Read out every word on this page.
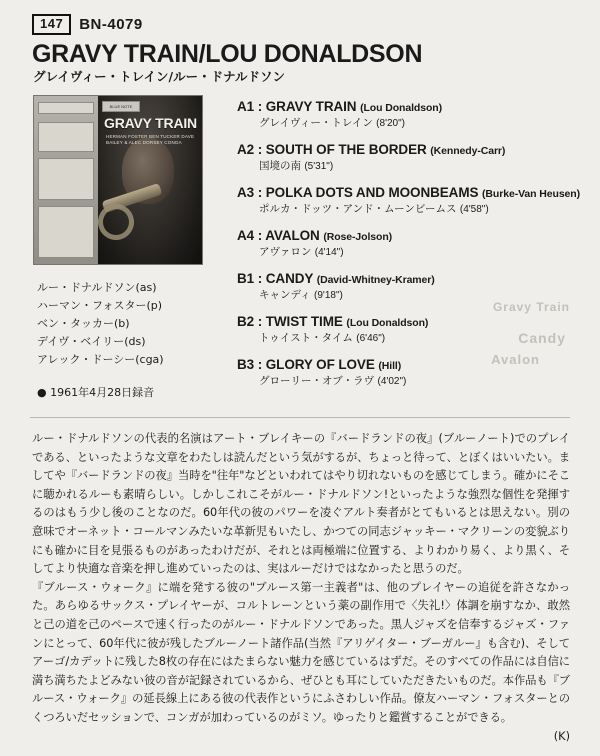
147	BN-4079
GRAVY TRAIN/LOU DONALDSON
グレイヴィー・トレイン/ルー・ドナルドソン
BLUE NOTE
GRAVY TRAIN
HERMAN FOSTER BEN TUCKER DAVE BAILEY & ALEC DORSEY CONGA
ルー・ドナルドソン(as)
ハーマン・フォスター(p)
ベン・タッカー(b)
デイヴ・ベイリー(ds)
アレック・ドーシー(cga)
● 1961年4月28日録音
A1 : GRAVY TRAIN (Lou Donaldson)
グレイヴィー・トレイン (8'20")
A2 : SOUTH OF THE BORDER (Kennedy-Carr)
国境の南 (5'31")
A3 : POLKA DOTS AND MOONBEAMS (Burke-Van Heusen)
ポルカ・ドッツ・アンド・ムーンビームス (4'58")
A4 : AVALON (Rose-Jolson)
アヴァロン (4'14")
B1 : CANDY (David-Whitney-Kramer)
キャンディ (9'18")
B2 : TWIST TIME (Lou Donaldson)
トゥイスト・タイム (6'46")
B3 : GLORY OF LOVE (Hill)
グローリー・オブ・ラヴ (4'02")
Gravy Train
Candy
Avalon

ルー・ドナルドソンの代表的名演はアート・ブレイキーの『バードランドの夜』(ブルーノート)でのプレイである、といったような文章をわたしは読んだという気がするが、ちょっと待って、とぼくはいいたい。ましてや『バードランドの夜』当時を"往年"などといわれてはやり切れないものを感じてしまう。確かにそこに聴かれるルーも素晴らしい。しかしこれこそがルー・ドナルドソン!といったような強烈な個性を発揮するのはもう少し後のことなのだ。60年代の彼のパワーを凌ぐアルト奏者がとてもいるとは思えない。別の意味でオーネット・コールマンみたいな革新児もいたし、かつての同志ジャッキー・マクリーンの変貌ぶりにも確かに目を見張るものがあったわけだが、それとは両極端に位置する、よりわかり易く、より黒く、そしてより快適な音楽を押し進めていったのは、実はルーだけではなかったと思うのだ。

『ブルース・ウォーク』に端を発する彼の"ブルース第一主義者"は、他のプレイヤーの追従を許さなかった。あらゆるサックス・プレイヤーが、コルトレーンという薬の副作用で〈失礼!〉体調を崩すなか、敢然と己の道を己のペースで速く行ったのがルー・ドナルドソンであった。黒人ジャズを信奉するジャズ・ファンにとって、60年代に彼が残したブルーノート諸作品(当然『アリゲイター・ブーガルー』も含む)、そしてアーゴ/カデットに残した8枚の存在にはたまらない魅力を感じているはずだ。そのすべての作品には自信に満ち満ちたよどみない彼の音が記録されているから、ぜひとも耳にしていただきたいものだ。本作品も『ブルース・ウォーク』の延長線上にある彼の代表作というにふさわしい作品。僚友ハーマン・フォスターとのくつろいだセッションで、コンガが加わっているのがミソ。ゆったりと鑑賞することができる。

(K)
